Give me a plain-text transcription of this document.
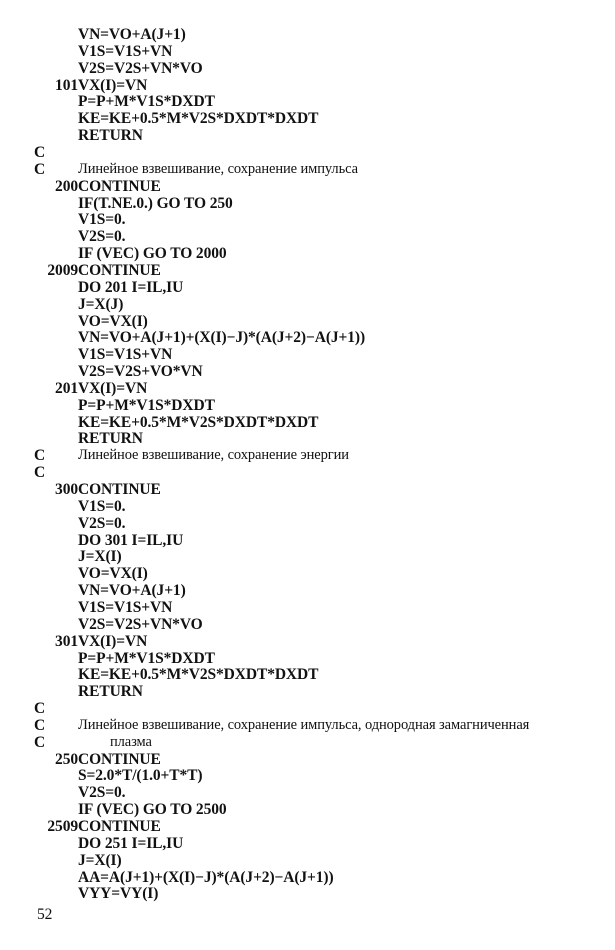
VN=VO+A(J+1)
V1S=V1S+VN
V2S=V2S+VN*VO
101 VX(I)=VN
P=P+M*V1S*DXDT
KE=KE+0.5*M*V2S*DXDT*DXDT
RETURN
C
C Линейное взвешивание, сохранение импульса
200 CONTINUE
IF(T.NE.0.) GO TO 250
V1S=0.
V2S=0.
IF (VEC) GO TO 2000
2009 CONTINUE
DO 201 I=IL,IU
J=X(J)
VO=VX(I)
VN=VO+A(J+1)+(X(I)−J)*(A(J+2)−A(J+1))
V1S=V1S+VN
V2S=V2S+VO*VN
201 VX(I)=VN
P=P+M*V1S*DXDT
KE=KE+0.5*M*V2S*DXDT*DXDT
RETURN
C Линейное взвешивание, сохранение энергии
C
300 CONTINUE
V1S=0.
V2S=0.
DO 301 I=IL,IU
J=X(I)
VO=VX(I)
VN=VO+A(J+1)
V1S=V1S+VN
V2S=V2S+VN*VO
301 VX(I)=VN
P=P+M*V1S*DXDT
KE=KE+0.5*M*V2S*DXDT*DXDT
RETURN
C
C Линейное взвешивание, сохранение импульса, однородная замагниченная
C	плазма
250 CONTINUE
S=2.0*T/(1.0+T*T)
V2S=0.
IF (VEC) GO TO 2500
2509 CONTINUE
DO 251 I=IL,IU
J=X(I)
AA=A(J+1)+(X(I)−J)*(A(J+2)−A(J+1))
VYY=VY(I)
52
